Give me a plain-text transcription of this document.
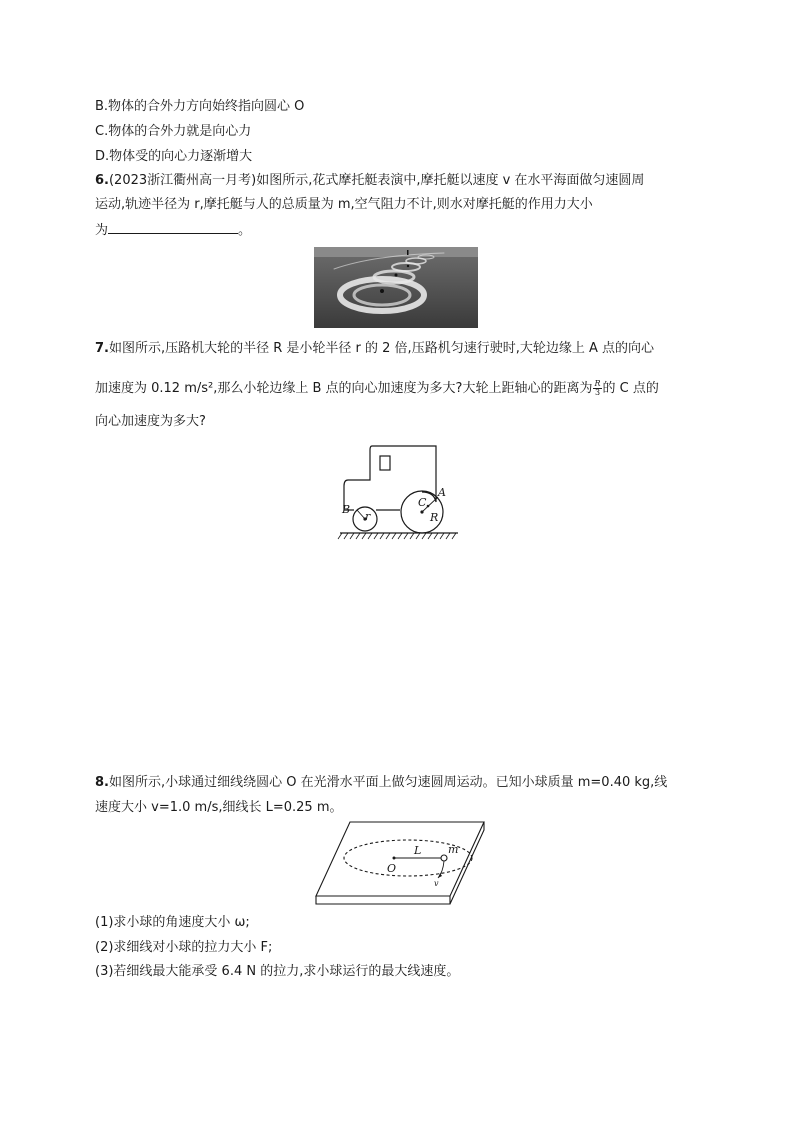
B.物体的合外力方向始终指向圆心 O
C.物体的合外力就是向心力
D.物体受的向心力逐渐增大
6.(2023浙江衢州高一月考)如图所示,花式摩托艇表演中,摩托艇以速度 v 在水平海面做匀速圆周
运动,轨迹半径为 r,摩托艇与人的总质量为 m,空气阻力不计,则水对摩托艇的作用力大小
为	。
7.如图所示,压路机大轮的半径 R 是小轮半径 r 的 2 倍,压路机匀速行驶时,大轮边缘上 A 点的向心
加速度为 0.12 m/s²,那么小轮边缘上 B 点的向心加速度为多大?大轮上距轴心的距离为 $\frac{R}{3}$ 的 C 点的
向心加速度为多大?
B
r
C
A
R
8.如图所示,小球通过细线绕圆心 O 在光滑水平面上做匀速圆周运动。已知小球质量 m=0.40 kg,线
速度大小 v=1.0 m/s,细线长 L=0.25 m。
O
L m
v
(1)求小球的角速度大小 ω;
(2)求细线对小球的拉力大小 F;
(3)若细线最大能承受 6.4 N 的拉力,求小球运行的最大线速度。
